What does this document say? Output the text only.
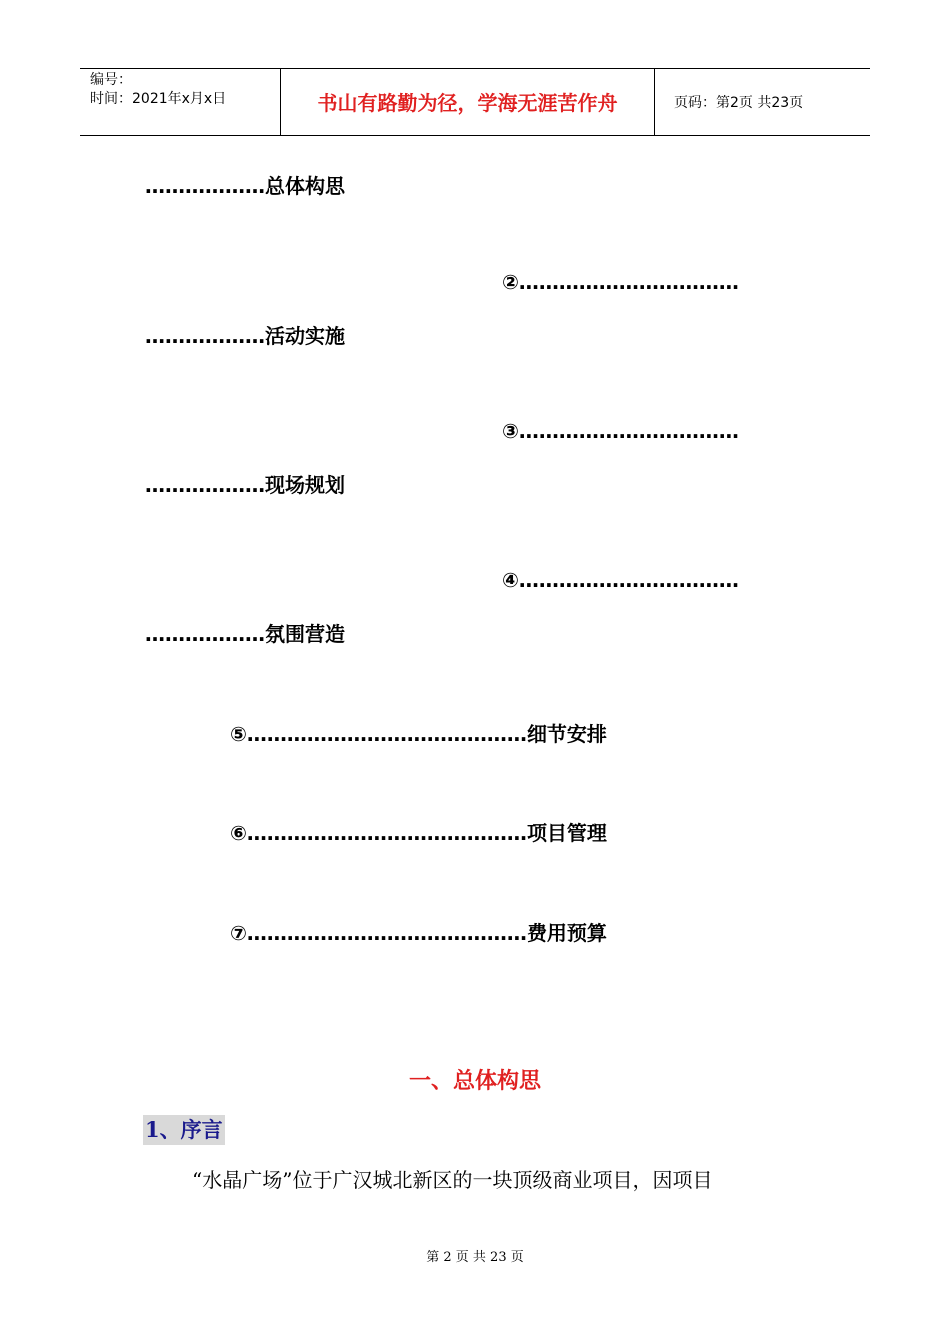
编号：
时间：2021年x月x日	书山有路勤为径，学海无涯苦作舟	页码：第2页 共23页
………………总体构思
②……………………………
………………活动实施
③……………………………
………………现场规划
④……………………………
………………氛围营造
⑤……………………………………细节安排
⑥……………………………………项目管理
⑦……………………………………费用预算
一、总体构思
1、序言
“水晶广场”位于广汉城北新区的一块顶级商业项目，因项目
第 2 页 共 23 页
